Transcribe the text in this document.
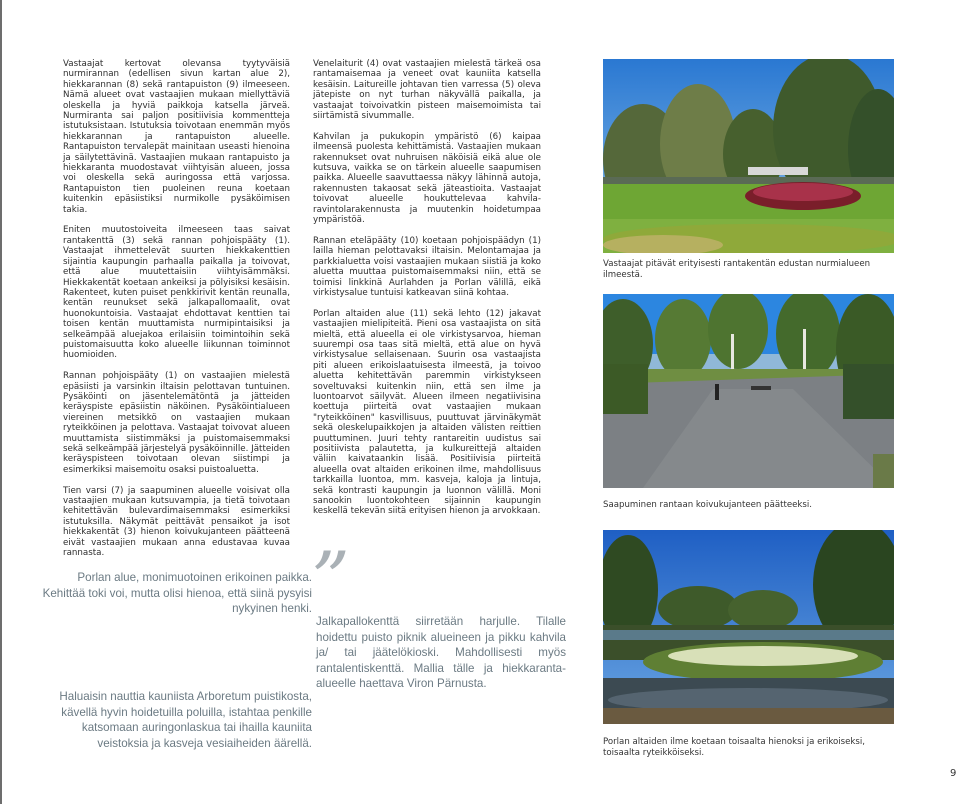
Vastaajat kertovat olevansa tyytyväisiä nurmirannan (edellisen sivun kartan alue 2), hiekkarannan (8) sekä rantapuiston (9) ilmeeseen. Nämä alueet ovat vastaajien mukaan miellyttäviä oleskella ja hyviä paikkoja katsella järveä. Nurmiranta sai paljon positiivisia kommentteja istutuksistaan. Istutuksia toivotaan enemmän myös hiekkarannan ja rantapuiston alueelle. Rantapuiston tervalepät mainitaan useasti hienoina ja säilytettävinä. Vastaajien mukaan rantapuisto ja hiekkaranta muodostavat viihtyisän alueen, jossa voi oleskella sekä auringossa että varjossa. Rantapuiston tien puoleinen reuna koetaan kuitenkin epäsiistiksi nurmikolle pysäköimisen takia.

Eniten muutostoiveita ilmeeseen taas saivat rantakenttä (3) sekä rannan pohjoispääty (1). Vastaajat ihmettelevät suurten hiekkakenttien sijaintia kaupungin parhaalla paikalla ja toivovat, että alue muutettaisiin viihtyisämmäksi. Hiekkakentät koetaan ankeiksi ja pölyisiksi kesäisin. Rakenteet, kuten puiset penkkirivit kentän reunalla, kentän reunukset sekä jalkapallomaalit, ovat huonokuntoisia. Vastaajat ehdottavat kenttien tai toisen kentän muuttamista nurmipintaisiksi ja selkeämpää aluejakoa erilaisiin toimintoihin sekä puistomaisuutta koko alueelle liikunnan toiminnot huomioiden.

Rannan pohjoispääty (1) on vastaajien mielestä epäsiisti ja varsinkin iltaisin pelottavan tuntuinen. Pysäköinti on jäsentelemätöntä ja jätteiden keräyspiste epäsiistin näköinen. Pysäköintialueen viereinen metsikkö on vastaajien mukaan ryteikköinen ja pelottava. Vastaajat toivovat alueen muuttamista siistimmäksi ja puistomaisemmaksi sekä selkeämpää järjestelyä pysäköinnille. Jätteiden keräyspisteen toivotaan olevan siistimpi ja esimerkiksi maisemoitu osaksi puistoaluetta.

Tien varsi (7) ja saapuminen alueelle voisivat olla vastaajien mukaan kutsuvampia, ja tietä toivotaan kehitettävän bulevardimaisemmaksi esimerkiksi istutuksilla. Näkymät peittävät pensaikot ja isot hiekkakentät (3) hienon koivukujanteen päätteenä eivät vastaajien mukaan anna edustavaa kuvaa rannasta.

Venelaiturit (4) ovat vastaajien mielestä tärkeä osa rantamaisemaa ja veneet ovat kauniita katsella kesäisin. Laitureille johtavan tien varressa (5) oleva jätepiste on nyt turhan näkyvällä paikalla, ja vastaajat toivoivatkin pisteen maisemoimista tai siirtämistä sivummalle.

Kahvilan ja pukukopin ympäristö (6) kaipaa ilmeensä puolesta kehittämistä. Vastaajien mukaan rakennukset ovat nuhruisen näköisiä eikä alue ole kutsuva, vaikka se on tärkein alueelle saapumisen paikka. Alueelle saavuttaessa näkyy lähinnä autoja, rakennusten takaosat sekä jäteastioita. Vastaajat toivovat alueelle houkuttelevaa kahvila-ravintolarakennusta ja muutenkin hoidetumpaa ympäristöä.

Rannan eteläpääty (10) koetaan pohjoispäädyn (1) lailla hieman pelottavaksi iltaisin. Melontamajaa ja parkkialuetta voisi vastaajien mukaan siistiä ja koko aluetta muuttaa puistomaisemmaksi niin, että se toimisi linkkinä Aurlahden ja Porlan välillä, eikä virkistysalue tuntuisi katkeavan siinä kohtaa.

Porlan altaiden alue (11) sekä lehto (12) jakavat vastaajien mielipiteitä. Pieni osa vastaajista on sitä mieltä, että alueella ei ole virkistysarvoa, hieman suurempi osa taas sitä mieltä, että alue on hyvä virkistysalue sellaisenaan. Suurin osa vastaajista piti alueen erikoislaatuisesta ilmeestä, ja toivoo aluetta kehitettävän paremmin virkistykseen soveltuvaksi kuitenkin niin, että sen ilme ja luontoarvot säilyvät. Alueen ilmeen negatiivisina koettuja piirteitä ovat vastaajien mukaan "ryteikköinen" kasvillisuus, puuttuvat järvinäkymät sekä oleskelupaikkojen ja altaiden välisten reittien puuttuminen. Juuri tehty rantareitin uudistus sai positiivista palautetta, ja kulkureittejä altaiden väliin kaivataankin lisää. Positiivisia piirteitä alueella ovat altaiden erikoinen ilme, mahdollisuus tarkkailla luontoa, mm. kasveja, kaloja ja lintuja, sekä kontrasti kaupungin ja luonnon välillä. Moni sanookin luontokohteen sijainnin kaupungin keskellä tekevän siitä erityisen hienon ja arvokkaan.

Vastaajat pitävät erityisesti rantakentän edustan nurmialueen ilmeestä.
Saapuminen rantaan koivukujanteen päätteeksi.
Porlan altaiden ilme koetaan toisaalta hienoksi ja erikoiseksi, toisaalta ryteikköiseksi.
Porlan alue, monimuotoinen erikoinen paikka. Kehittää toki voi, mutta olisi hienoa, että siinä pysyisi nykyinen henki. ”
Jalkapallokenttä siirretään harjulle. Tilalle hoidettu puisto piknik alueineen ja pikku kahvila ja/ tai jäätelökioski. Mahdollisesti myös rantalentiskenttä. Mallia tälle ja hiekkaranta-alueelle haettava Viron Pärnusta.
Haluaisin nauttia kauniista Arboretum puistikosta, kävellä hyvin hoidetuilla poluilla, istahtaa penkille katsomaan auringonlaskua tai ihailla kauniita veistoksia ja kasveja vesiaiheiden äärellä.
9
